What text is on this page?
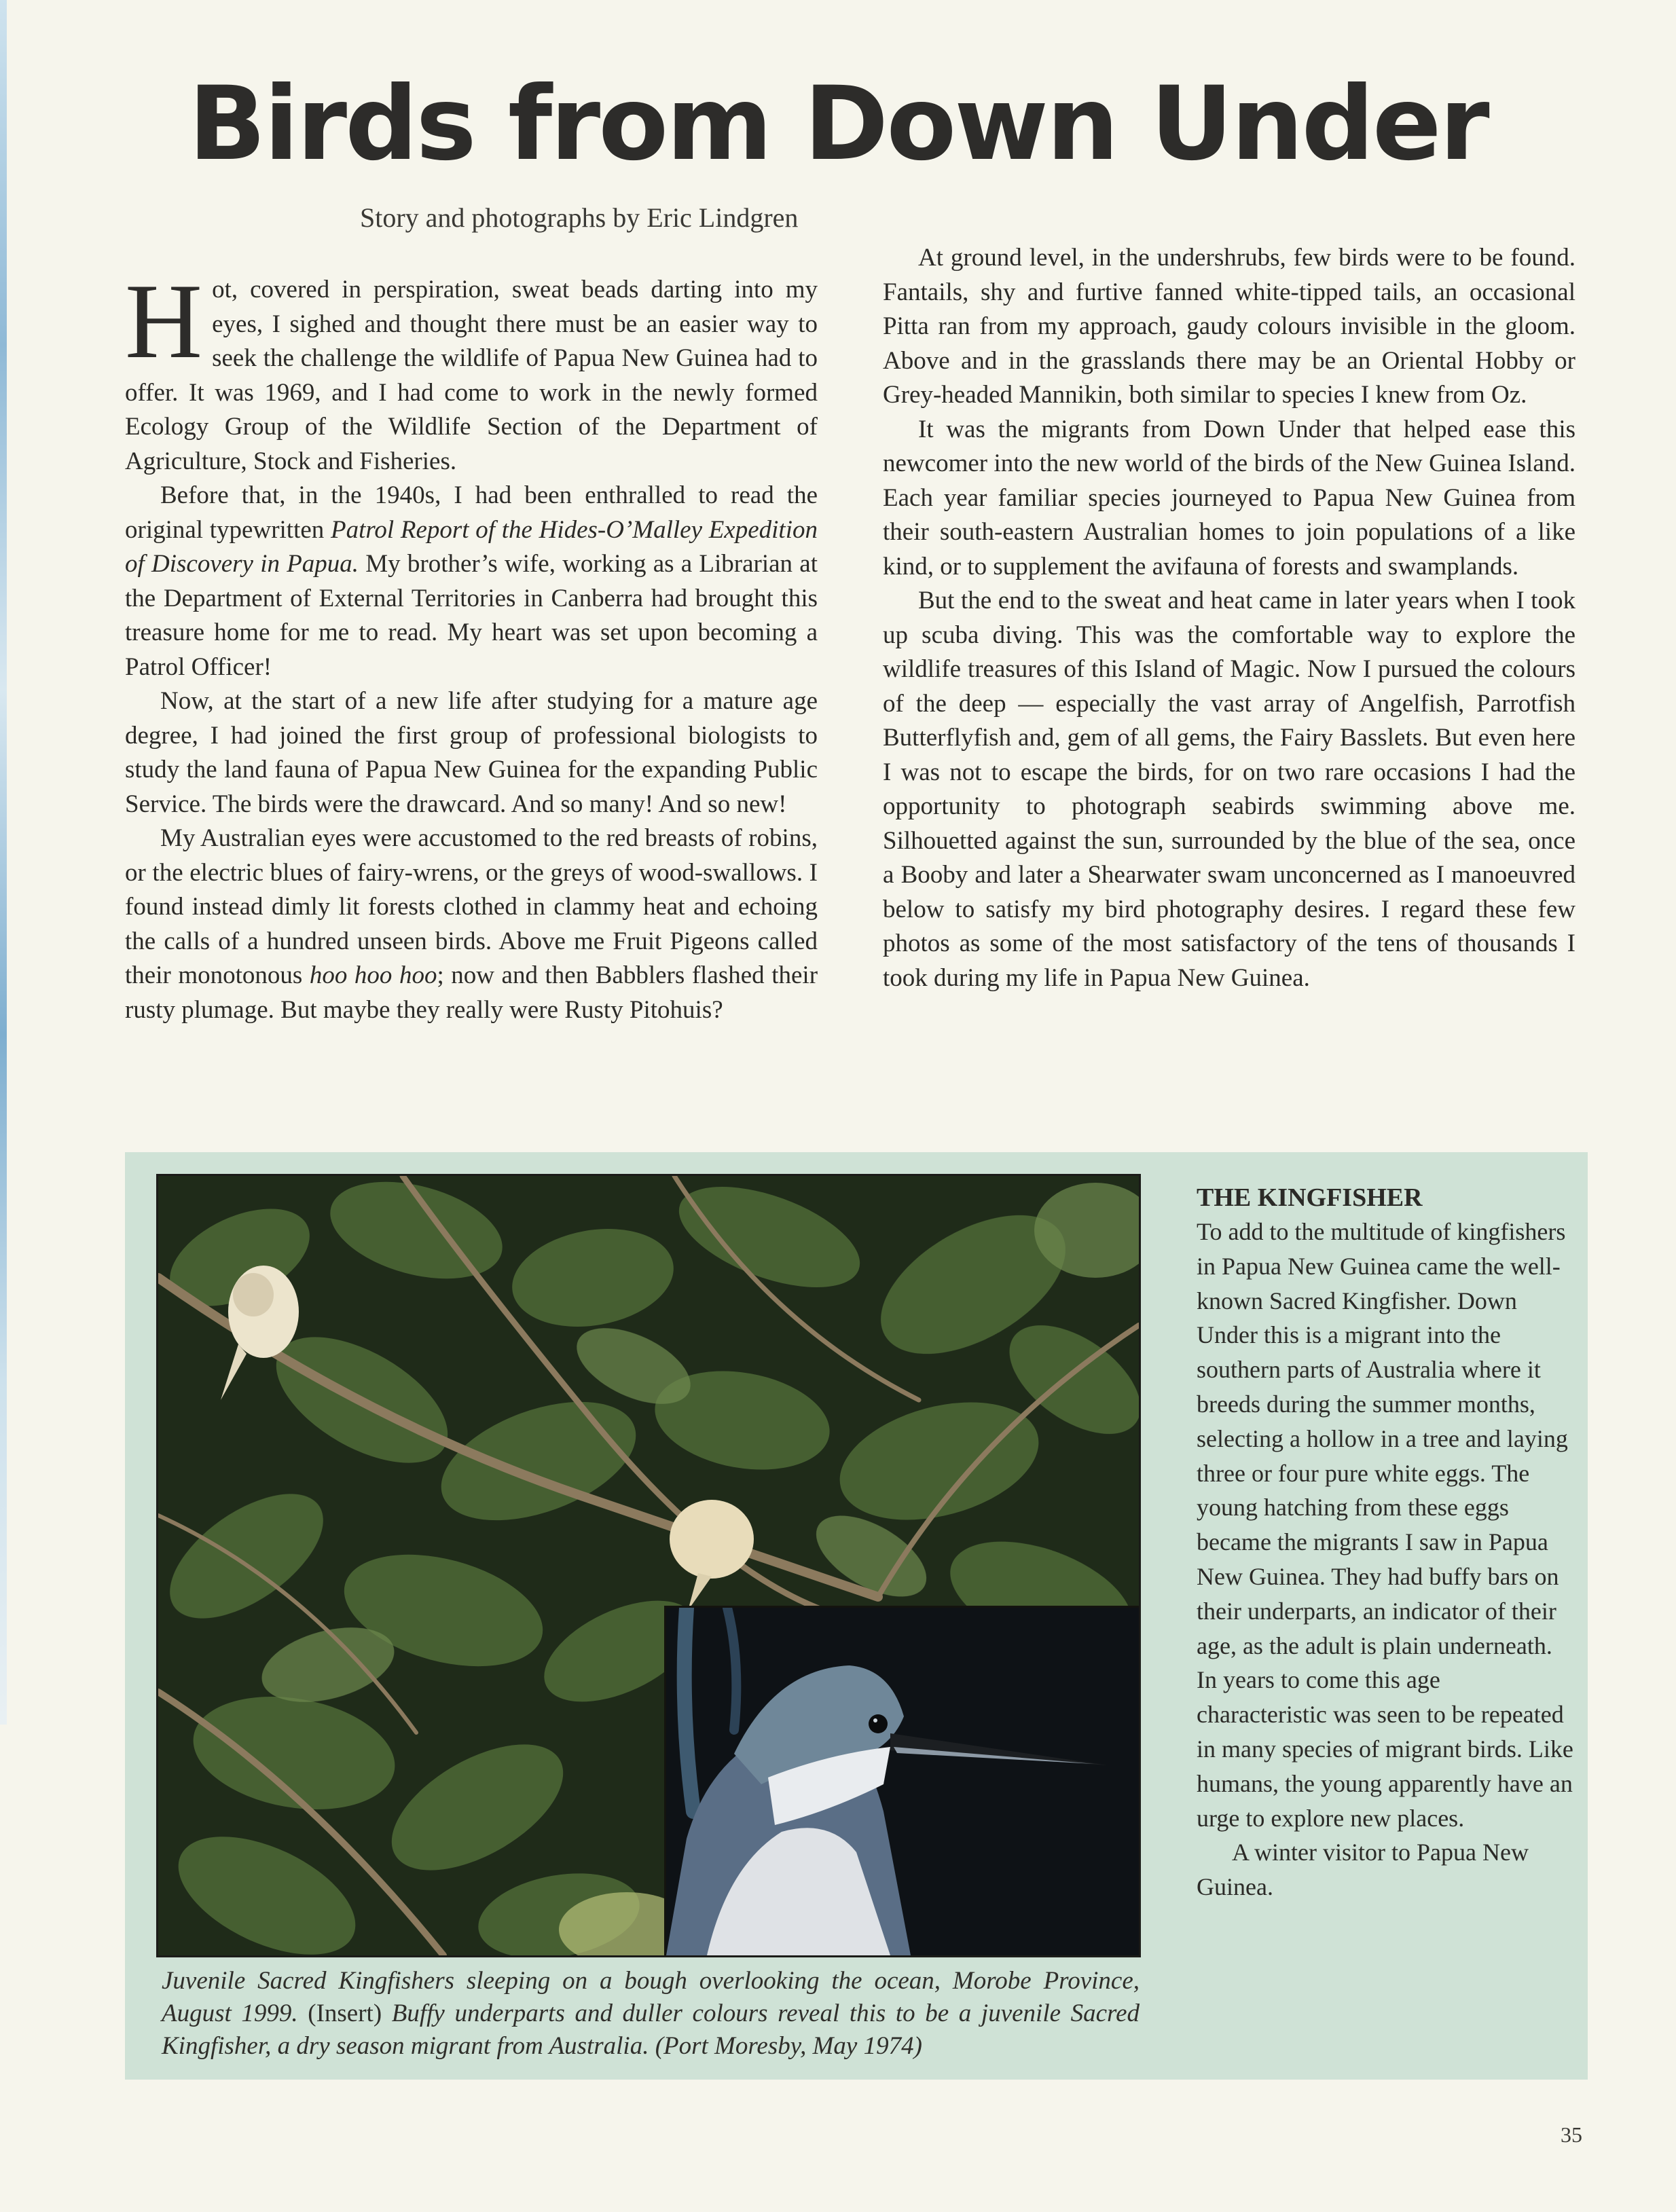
Birds from Down Under
Story and photographs by Eric Lindgren

Hot, covered in perspiration, sweat beads darting into my eyes, I sighed and thought there must be an easier way to seek the challenge the wildlife of Papua New Guinea had to offer. It was 1969, and I had come to work in the newly formed Ecology Group of the Wildlife Section of the Department of Agriculture, Stock and Fisheries.

Before that, in the 1940s, I had been enthralled to read the original typewritten Patrol Report of the Hides-O’Malley Expedition of Discovery in Papua. My brother’s wife, working as a Librarian at the Department of External Territories in Canberra had brought this treasure home for me to read. My heart was set upon becoming a Patrol Officer!

Now, at the start of a new life after studying for a mature age degree, I had joined the first group of professional biologists to study the land fauna of Papua New Guinea for the expanding Public Service. The birds were the drawcard. And so many! And so new!

My Australian eyes were accustomed to the red breasts of robins, or the electric blues of fairy-wrens, or the greys of wood-swallows. I found instead dimly lit forests clothed in clammy heat and echoing the calls of a hundred unseen birds. Above me Fruit Pigeons called their monotonous hoo hoo hoo; now and then Babblers flashed their rusty plumage. But maybe they really were Rusty Pitohuis?

At ground level, in the undershrubs, few birds were to be found. Fantails, shy and furtive fanned white-tipped tails, an occasional Pitta ran from my approach, gaudy colours invisible in the gloom. Above and in the grasslands there may be an Oriental Hobby or Grey-headed Mannikin, both similar to species I knew from Oz.

It was the migrants from Down Under that helped ease this newcomer into the new world of the birds of the New Guinea Island. Each year familiar species journeyed to Papua New Guinea from their south-eastern Australian homes to join populations of a like kind, or to supplement the avifauna of forests and swamplands.

But the end to the sweat and heat came in later years when I took up scuba diving. This was the comfortable way to explore the wildlife treasures of this Island of Magic. Now I pursued the colours of the deep — especially the vast array of Angelfish, Parrotfish Butterflyfish and, gem of all gems, the Fairy Basslets. But even here I was not to escape the birds, for on two rare occasions I had the opportunity to photograph seabirds swimming above me. Silhouetted against the sun, surrounded by the blue of the sea, once a Booby and later a Shearwater swam unconcerned as I manoeuvred below to satisfy my bird photography desires. I regard these few photos as some of the most satisfactory of the tens of thousands I took during my life in Papua New Guinea.

Juvenile Sacred Kingfishers sleeping on a bough overlooking the ocean, Morobe Province, August 1999. (Insert) Buffy underparts and duller colours reveal this to be a juvenile Sacred Kingfisher, a dry season migrant from Australia. (Port Moresby, May 1974)
THE KINGFISHER

To add to the multitude of kingfishers in Papua New Guinea came the well-known Sacred Kingfisher. Down Under this is a migrant into the southern parts of Australia where it breeds during the summer months, selecting a hollow in a tree and laying three or four pure white eggs. The young hatching from these eggs became the migrants I saw in Papua New Guinea. They had buffy bars on their underparts, an indicator of their age, as the adult is plain underneath. In years to come this age characteristic was seen to be repeated in many species of migrant birds. Like humans, the young apparently have an urge to explore new places.

A winter visitor to Papua New Guinea.

35
